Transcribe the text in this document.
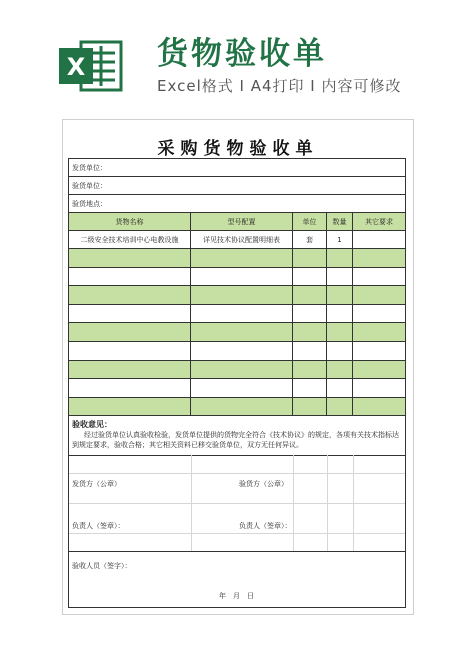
X 货物验收单
Excel格式 I A4打印 I 内容可修改
采购货物验收单
发货单位：
验货单位：
验货地点：
货物名称	型号配置	单位	数量	其它要求
二级安全技术培训中心电教设施	详见技术协议配置明细表	套	1
验收意见：
经过验货单位认真验收检验，发货单位提供的货物完全符合《技术协议》的规定，各项有关技术指标达到规定要求，验收合格；其它相关资料已移交验货单位，双方无任何异议。
发货方（公章）	验货方（公章）
负责人（签章）：	负责人（签章）：
验收人员（签字）：
年　月　日
